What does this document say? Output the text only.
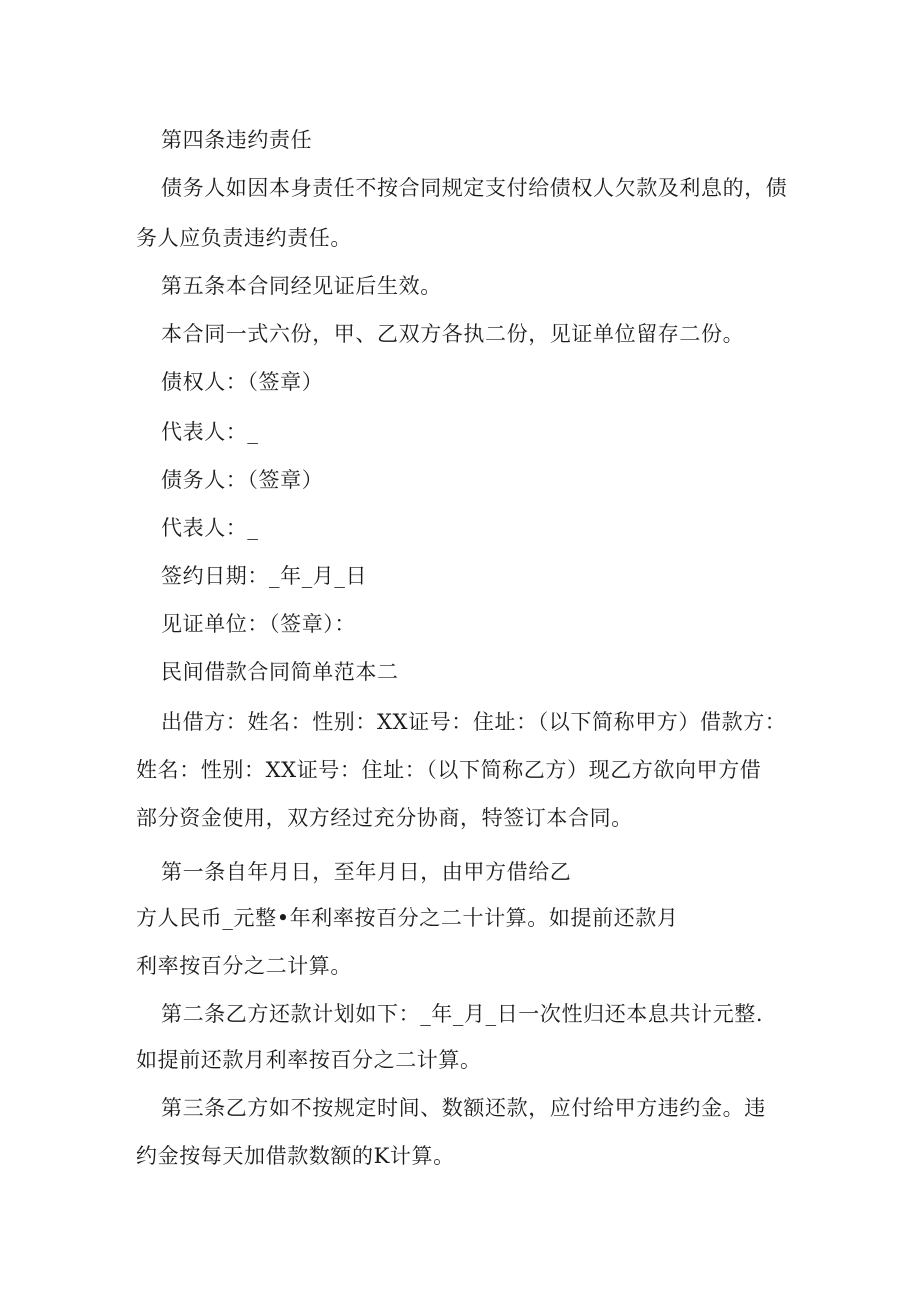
第四条违约责任
债务人如因本身责任不按合同规定支付给债权人欠款及利息的，债
务人应负责违约责任。
第五条本合同经见证后生效。
本合同一式六份，甲、乙双方各执二份，见证单位留存二份。
债权人：（签章）
代表人：_
债务人：（签章）
代表人：_
签约日期：_年_月_日
见证单位：（签章）：
民间借款合同简单范本二
出借方：姓名：性别：XX证号：住址：（以下简称甲方）借款方：
姓名：性别：XX证号：住址：（以下简称乙方）现乙方欲向甲方借
部分资金使用，双方经过充分协商，特签订本合同。
第一条自年月日，至年月日，由甲方借给乙
方人民币_元整•年利率按百分之二十计算。如提前还款月
利率按百分之二计算。
第二条乙方还款计划如下：_年_月_日一次性归还本息共计元整.
如提前还款月利率按百分之二计算。
第三条乙方如不按规定时间、数额还款，应付给甲方违约金。违
约金按每天加借款数额的K计算。
